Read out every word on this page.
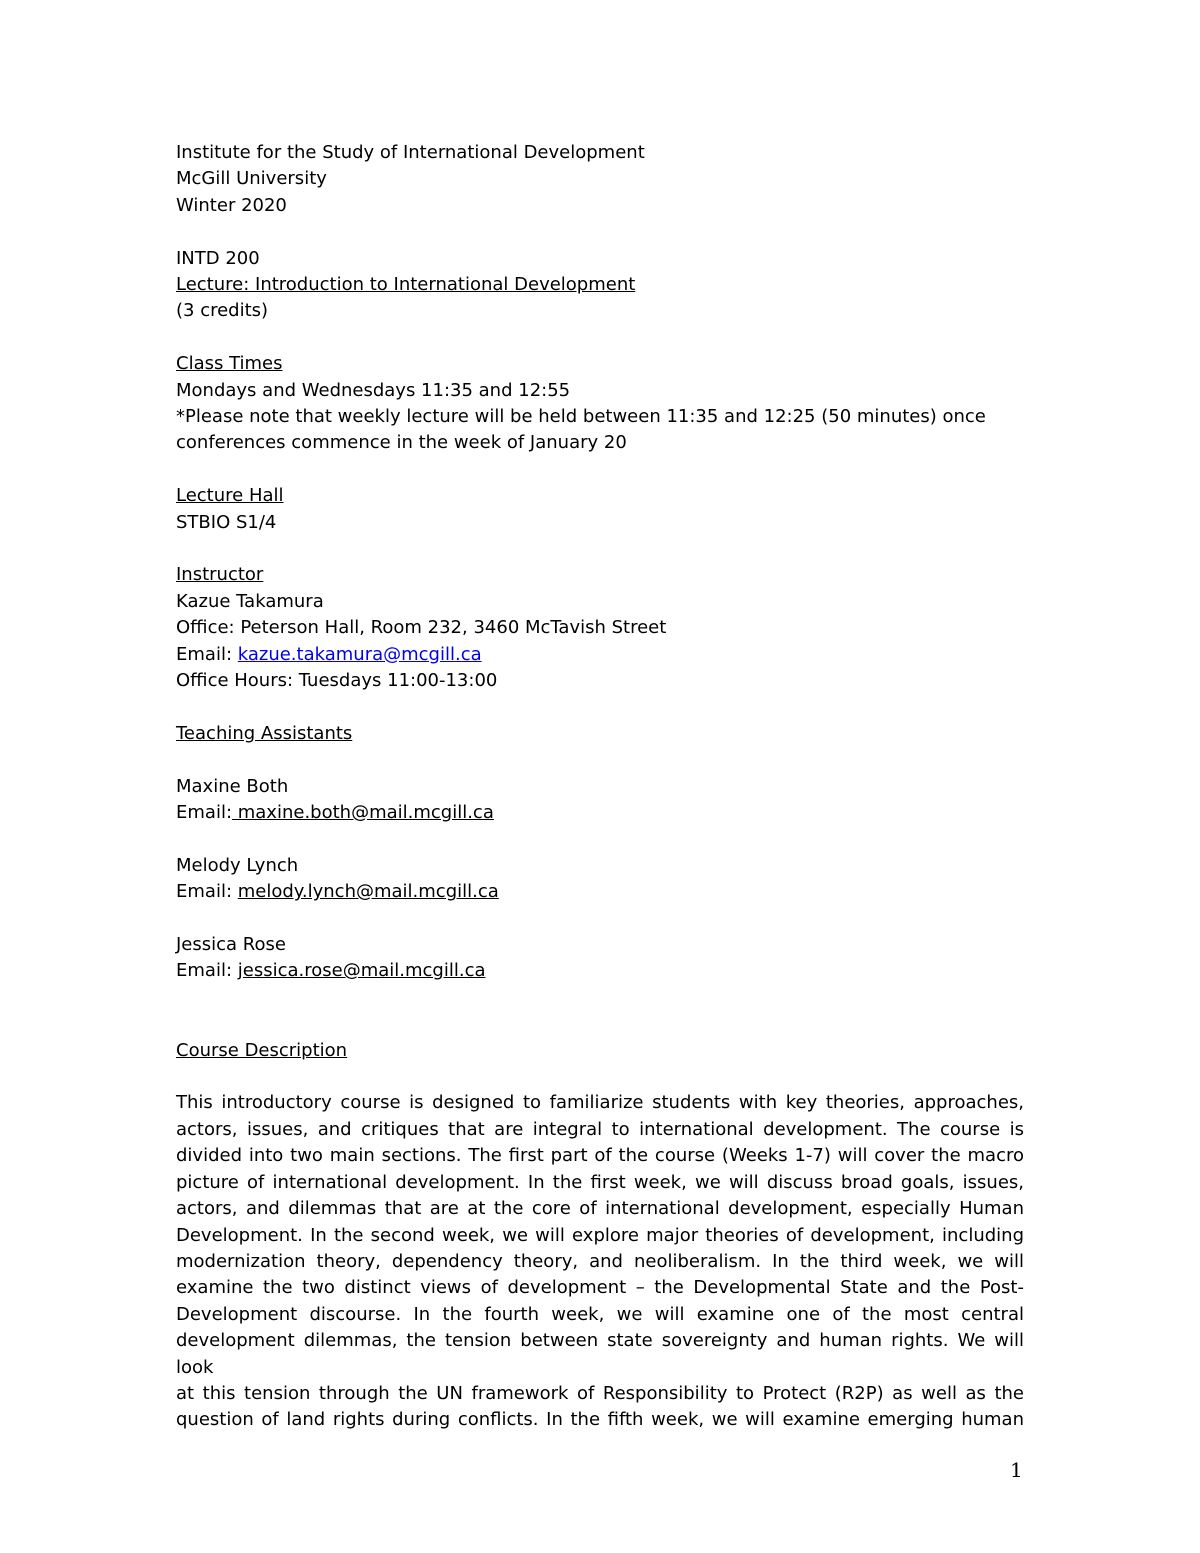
Institute for the Study of International Development

McGill University

Winter 2020

INTD 200

Lecture: Introduction to International Development

(3 credits)

Class Times

Mondays and Wednesdays 11:35 and 12:55

*Please note that weekly lecture will be held between 11:35 and 12:25 (50 minutes) once

conferences commence in the week of January 20

Lecture Hall

STBIO S1/4

Instructor

Kazue Takamura

Office: Peterson Hall, Room 232, 3460 McTavish Street

Email: kazue.takamura@mcgill.ca

Office Hours: Tuesdays 11:00-13:00

Teaching Assistants

Maxine Both

Email: maxine.both@mail.mcgill.ca

Melody Lynch

Email: melody.lynch@mail.mcgill.ca

Jessica Rose

Email: jessica.rose@mail.mcgill.ca

Course Description

This introductory course is designed to familiarize students with key theories, approaches,

actors, issues, and critiques that are integral to international development. The course is

divided into two main sections. The first part of the course (Weeks 1-7) will cover the macro

picture of international development. In the first week, we will discuss broad goals, issues,

actors, and dilemmas that are at the core of international development, especially Human

Development. In the second week, we will explore major theories of development, including

modernization theory, dependency theory, and neoliberalism. In the third week, we will

examine the two distinct views of development – the Developmental State and the Post-

Development discourse. In the fourth week, we will examine one of the most central

development dilemmas, the tension between state sovereignty and human rights. We will look

at this tension through the UN framework of Responsibility to Protect (R2P) as well as the

question of land rights during conflicts. In the fifth week, we will examine emerging human

1
